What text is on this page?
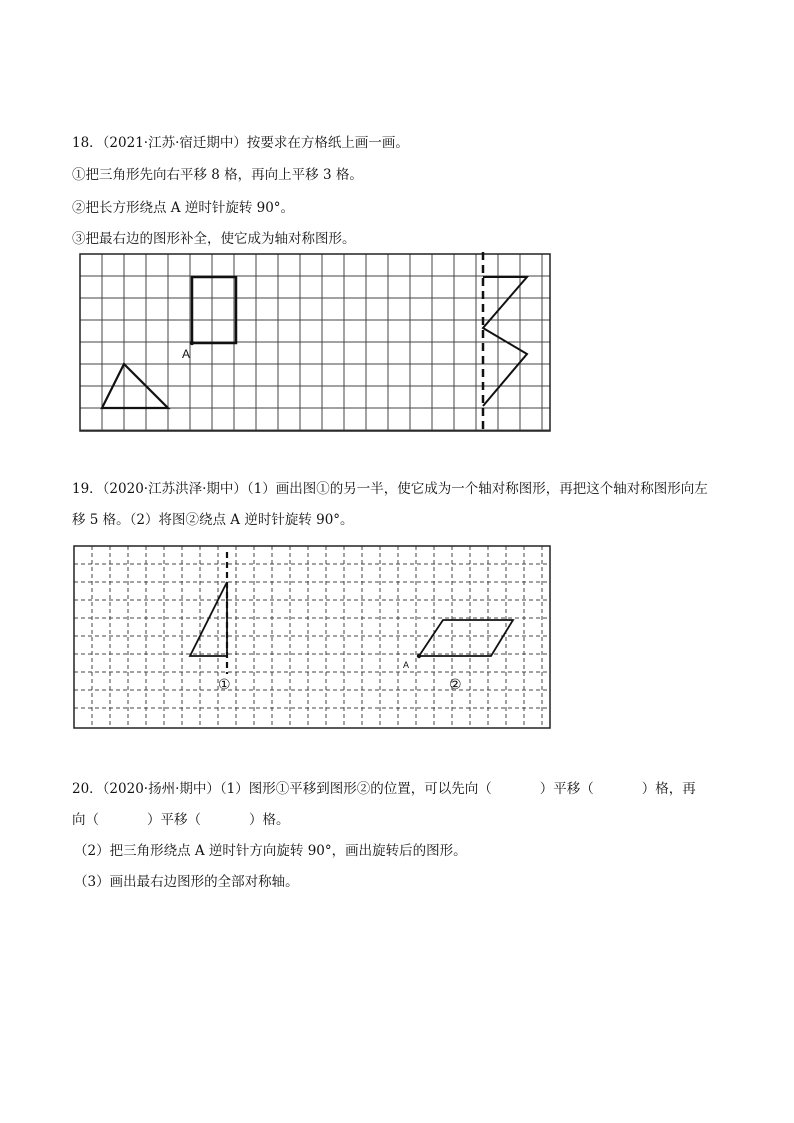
18．（2021·江苏·宿迁期中）按要求在方格纸上画一画。
①把三角形先向右平移 8 格，再向上平移 3 格。
②把长方形绕点 A 逆时针旋转 90°。
③把最右边的图形补全，使它成为轴对称图形。
A
19．（2020·江苏洪泽·期中）（1）画出图①的另一半，使它成为一个轴对称图形，再把这个轴对称图形向左
移 5 格。（2）将图②绕点 A 逆时针旋转 90°。
①
A
②
20．（2020·扬州·期中）（1）图形①平移到图形②的位置，可以先向（	）平移（	）格，再
向（	）平移（	）格。
（2）把三角形绕点 A 逆时针方向旋转 90°，画出旋转后的图形。
（3）画出最右边图形的全部对称轴。
